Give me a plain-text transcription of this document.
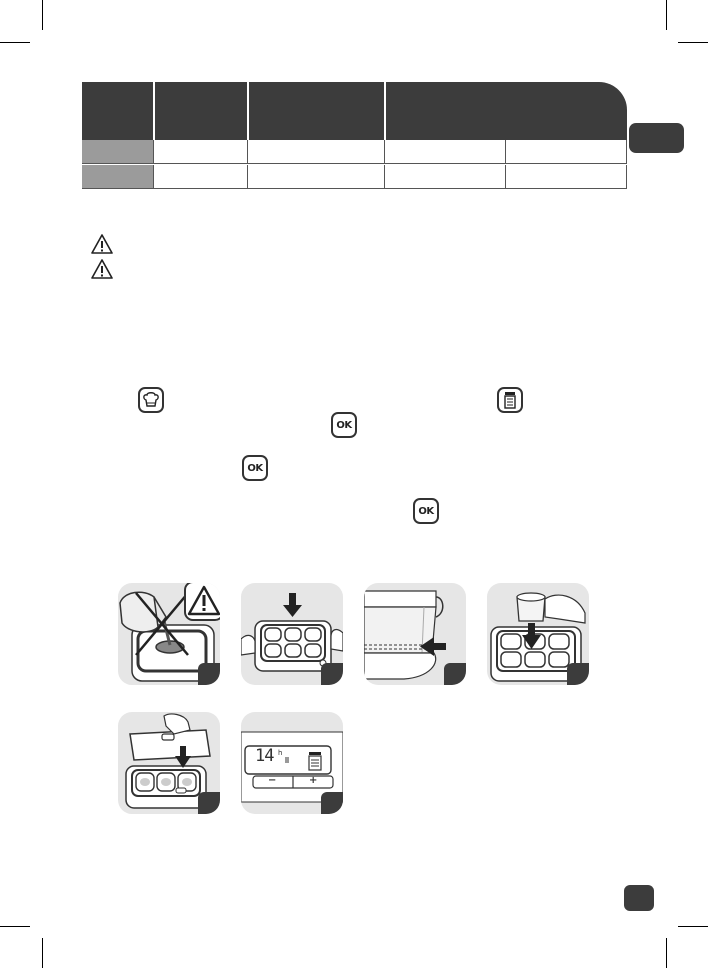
OK
OK
OK
14 h
−	+
